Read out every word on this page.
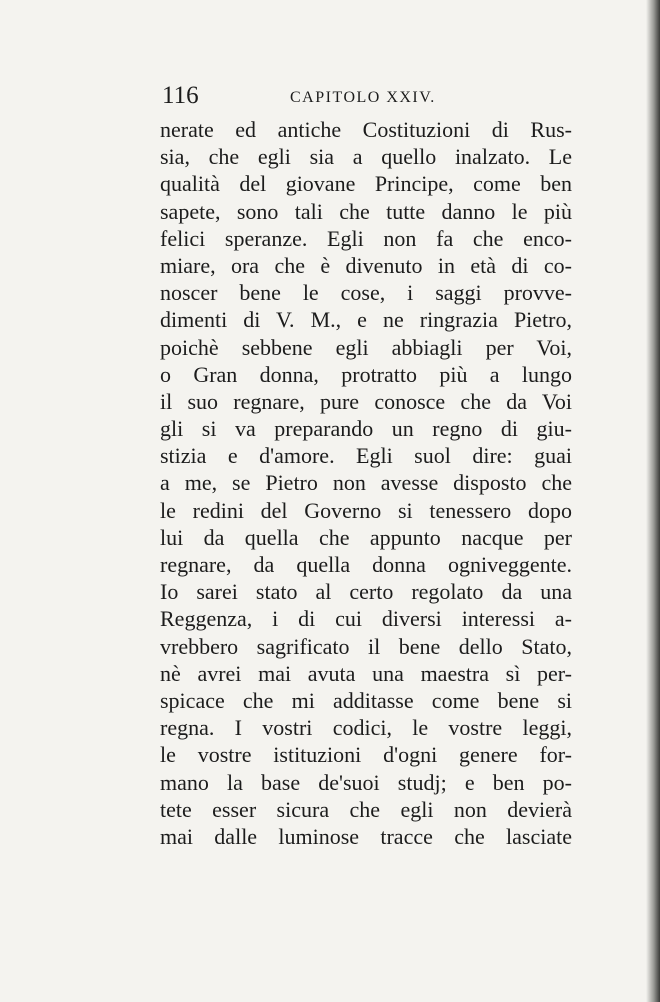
116	CAPITOLO XXIV.
nerate ed antiche Costituzioni di Rus-
sia, che egli sia a quello inalzato. Le
qualità del giovane Principe, come ben
sapete, sono tali che tutte danno le più
felici speranze. Egli non fa che enco-
miare, ora che è divenuto in età di co-
noscer bene le cose, i saggi provve-
dimenti di V. M., e ne ringrazia Pietro,
poichè sebbene egli abbiagli per Voi,
o Gran donna, protratto più a lungo
il suo regnare, pure conosce che da Voi
gli si va preparando un regno di giu-
stizia e d'amore. Egli suol dire: guai
a me, se Pietro non avesse disposto che
le redini del Governo si tenessero dopo
lui da quella che appunto nacque per
regnare, da quella donna ogniveggente.
Io sarei stato al certo regolato da una
Reggenza, i di cui diversi interessi a-
vrebbero sagrificato il bene dello Stato,
nè avrei mai avuta una maestra sì per-
spicace che mi additasse come bene si
regna. I vostri codici, le vostre leggi,
le vostre istituzioni d'ogni genere for-
mano la base de'suoi studj; e ben po-
tete esser sicura che egli non devierà
mai dalle luminose tracce che lasciate
